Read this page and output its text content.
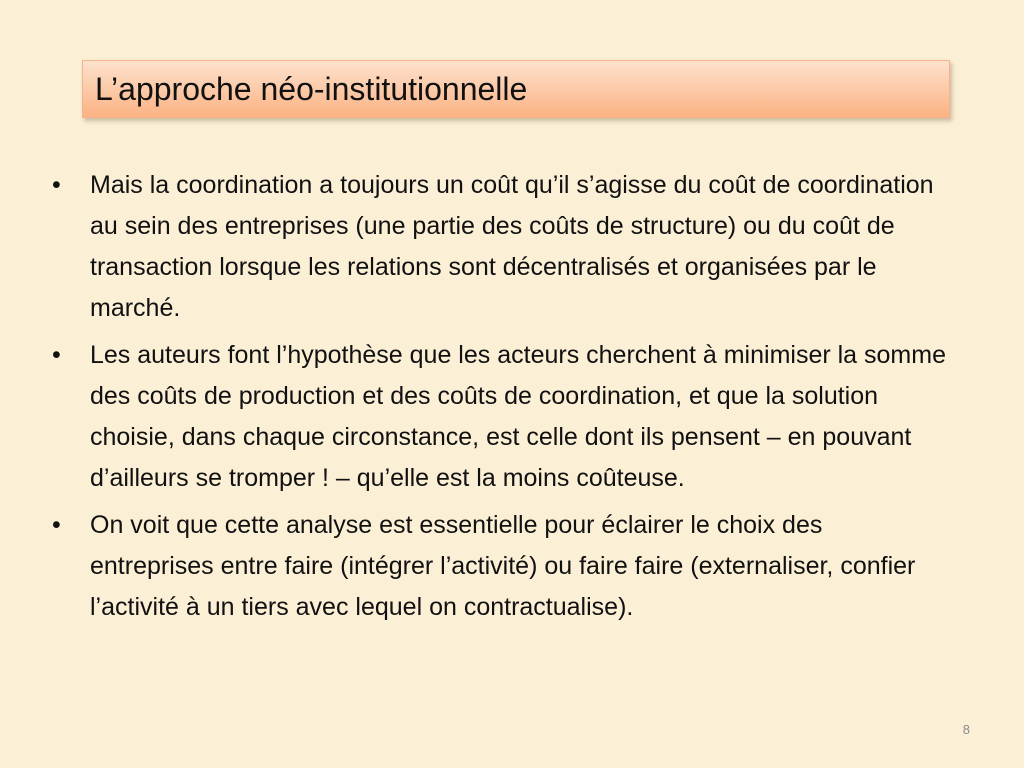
L’approche néo-institutionnelle
•	Mais la coordination a toujours un coût qu’il s’agisse du coût de coordination au sein des entreprises (une partie des coûts de structure) ou du coût de transaction lorsque les relations sont décentralisés et organisées par le marché.
•	Les auteurs font l’hypothèse que les acteurs cherchent à minimiser la somme des coûts de production et des coûts de coordination, et que la solution choisie, dans chaque circonstance, est celle dont ils pensent – en pouvant d’ailleurs se tromper ! – qu’elle est la moins coûteuse.
•	On voit que cette analyse est essentielle pour éclairer le choix des entreprises entre faire (intégrer l’activité) ou faire faire (externaliser, confier l’activité à un tiers avec lequel on contractualise).
8
